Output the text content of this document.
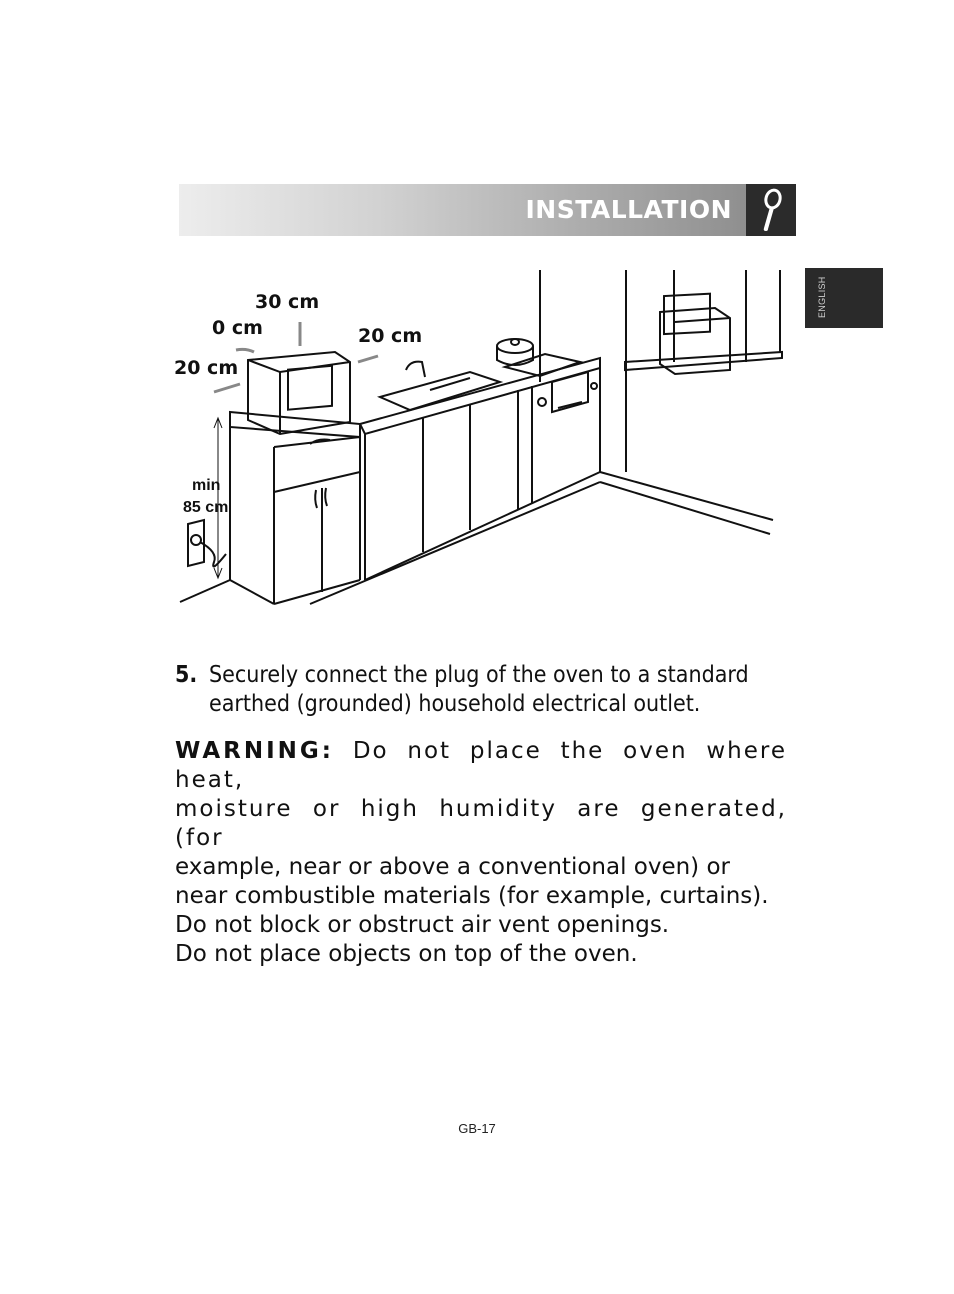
INSTALLATION
ENGLISH
30 cm
0 cm	20 cm
20 cm
min
85 cm
5. Securely connect the plug of the oven to a standard earthed (grounded) household electrical outlet.

WARNING: Do not place the oven where heat,

moisture or high humidity are generated, (for

example, near or above a conventional oven) or near combustible materials (for example, curtains).

Do not block or obstruct air vent openings.

Do not place objects on top of the oven.

GB-17
